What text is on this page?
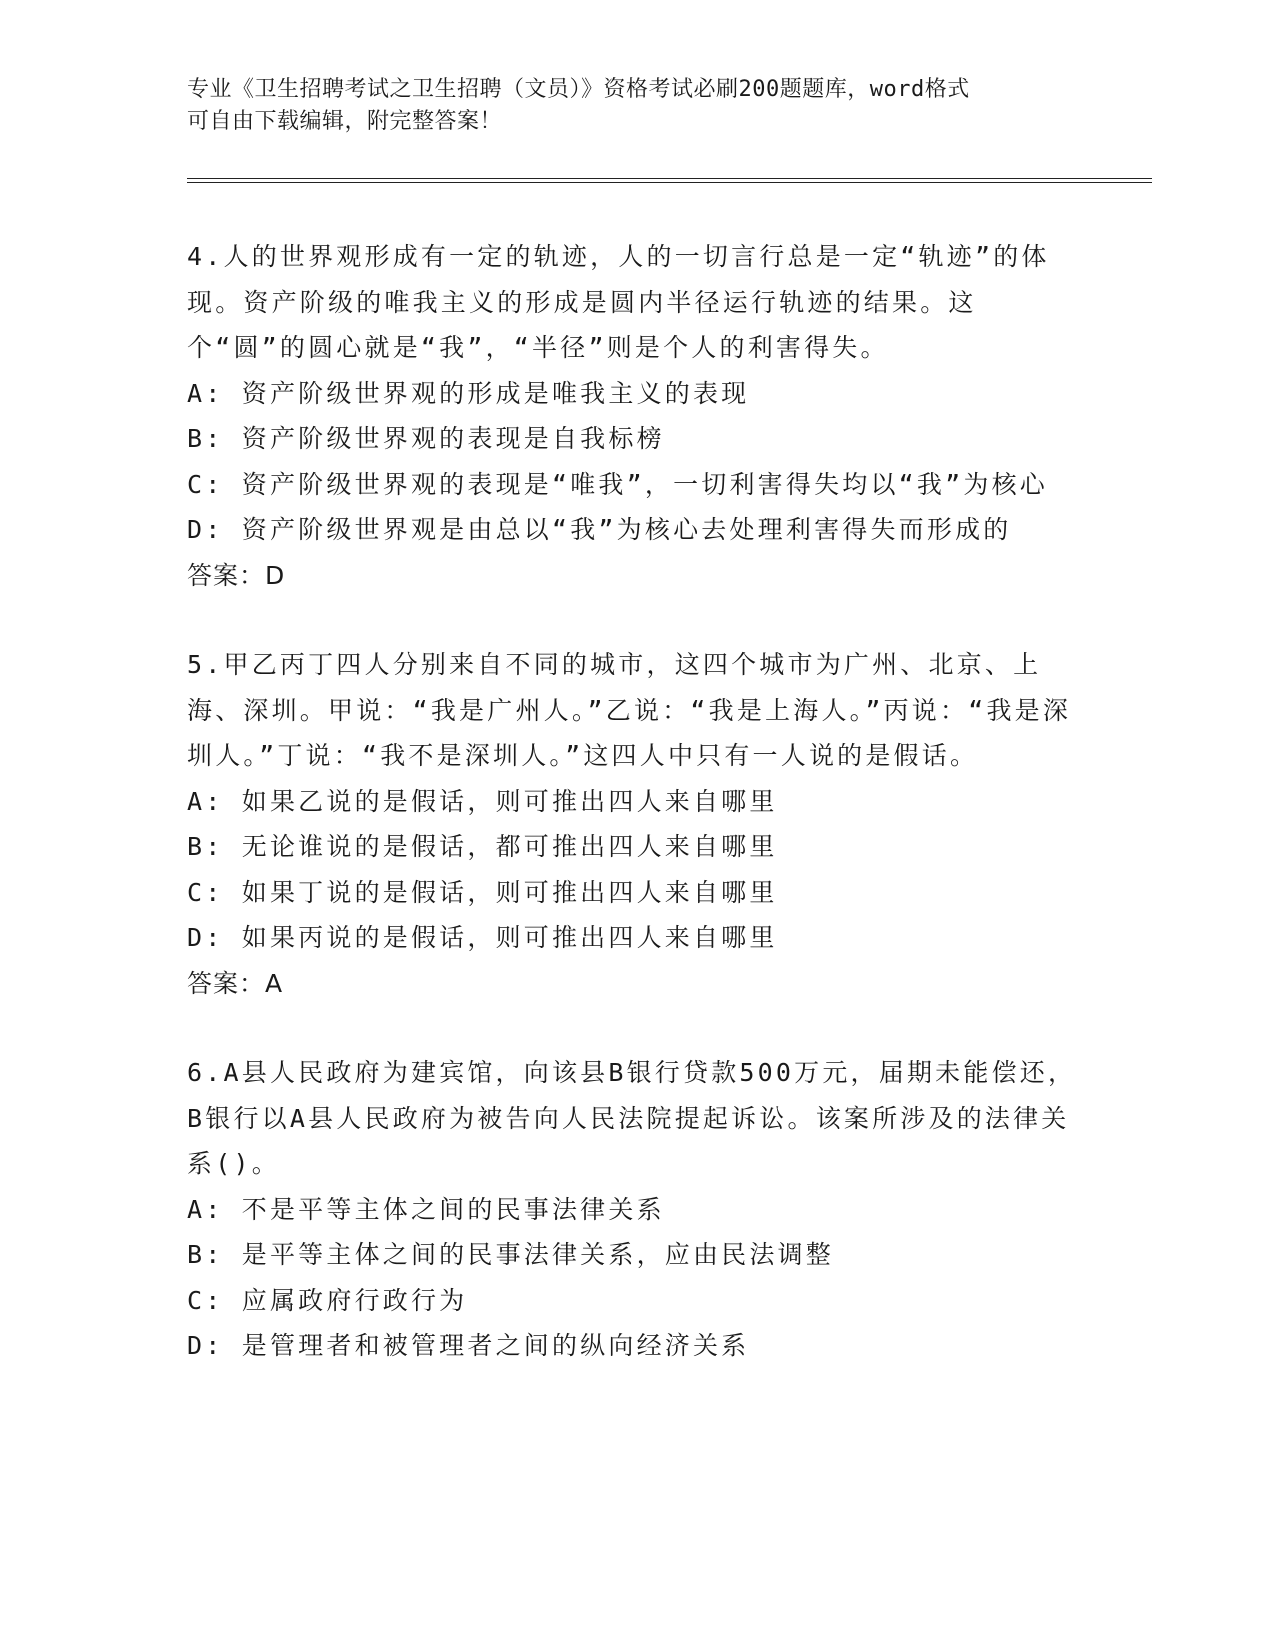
专业《卫生招聘考试之卫生招聘（文员）》资格考试必刷200题题库，word格式
可自由下载编辑，附完整答案！

4.人的世界观形成有一定的轨迹，人的一切言行总是一定“轨迹”的体现。资产阶级的唯我主义的形成是圆内半径运行轨迹的结果。这个“圆”的圆心就是“我”，“半径”则是个人的利害得失。

A: 资产阶级世界观的形成是唯我主义的表现

B: 资产阶级世界观的表现是自我标榜

C: 资产阶级世界观的表现是“唯我”，一切利害得失均以“我”为核心

D: 资产阶级世界观是由总以“我”为核心去处理利害得失而形成的

答案：D

5.甲乙丙丁四人分别来自不同的城市，这四个城市为广州、北京、上海、深圳。甲说：“我是广州人。”乙说：“我是上海人。”丙说：“我是深圳人。”丁说：“我不是深圳人。”这四人中只有一人说的是假话。

A: 如果乙说的是假话，则可推出四人来自哪里

B: 无论谁说的是假话，都可推出四人来自哪里

C: 如果丁说的是假话，则可推出四人来自哪里

D: 如果丙说的是假话，则可推出四人来自哪里

答案：A

6.A县人民政府为建宾馆，向该县B银行贷款500万元，届期未能偿还，B银行以A县人民政府为被告向人民法院提起诉讼。该案所涉及的法律关系()。

A: 不是平等主体之间的民事法律关系

B: 是平等主体之间的民事法律关系，应由民法调整

C: 应属政府行政行为

D: 是管理者和被管理者之间的纵向经济关系
